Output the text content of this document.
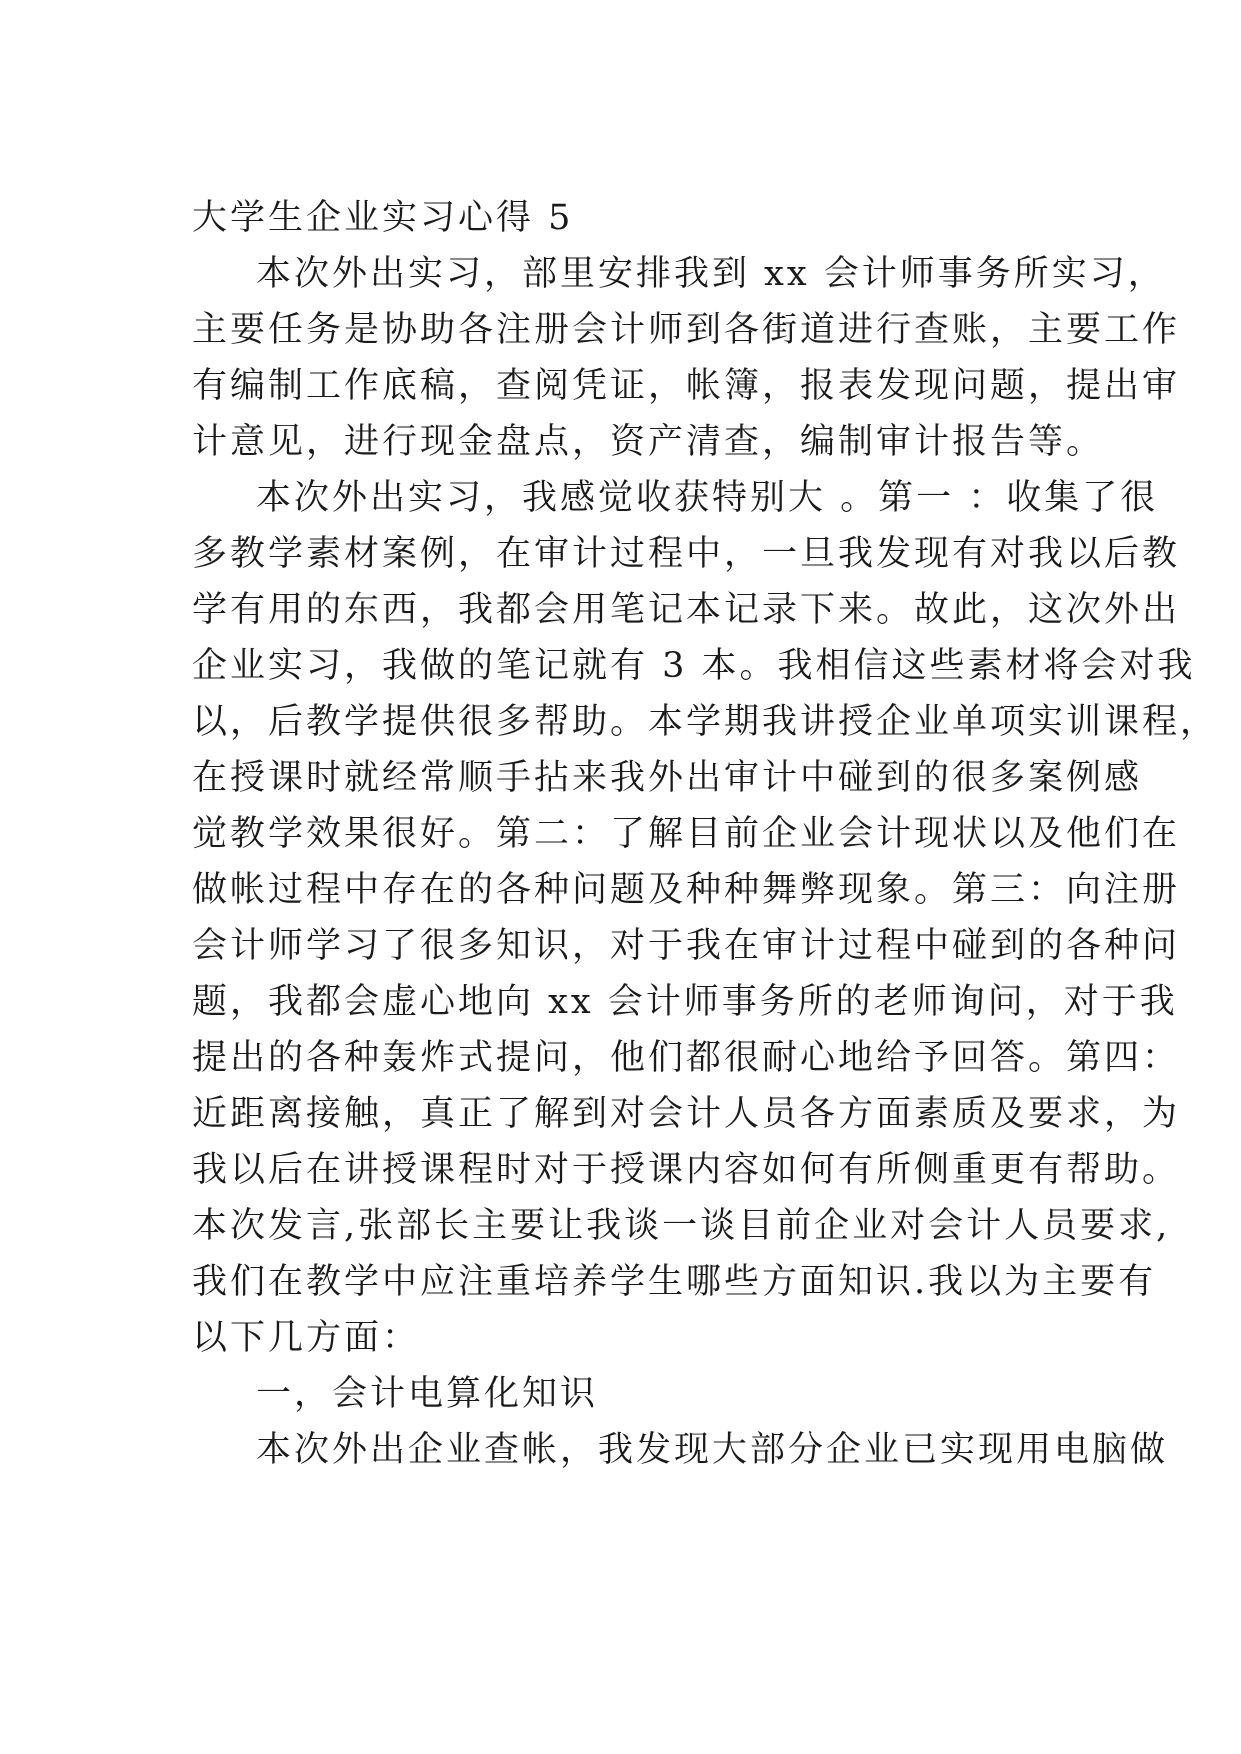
大学生企业实习心得 5

本次外出实习，部里安排我到 xx 会计师事务所实习，

主要任务是协助各注册会计师到各街道进行查账，主要工作

有编制工作底稿，查阅凭证，帐簿，报表发现问题，提出审

计意见，进行现金盘点，资产清查，编制审计报告等。

本次外出实习，我感觉收获特别大 。第一 ：收集了很

多教学素材案例，在审计过程中，一旦我发现有对我以后教

学有用的东西，我都会用笔记本记录下来。故此，这次外出

企业实习，我做的笔记就有 3 本。我相信这些素材将会对我

以，后教学提供很多帮助。本学期我讲授企业单项实训课程，

在授课时就经常顺手拈来我外出审计中碰到的很多案例感

觉教学效果很好。第二：了解目前企业会计现状以及他们在

做帐过程中存在的各种问题及种种舞弊现象。第三：向注册

会计师学习了很多知识，对于我在审计过程中碰到的各种问

题，我都会虚心地向 xx 会计师事务所的老师询问，对于我

提出的各种轰炸式提问，他们都很耐心地给予回答。第四：

近距离接触，真正了解到对会计人员各方面素质及要求，为

我以后在讲授课程时对于授课内容如何有所侧重更有帮助。

本次发言,张部长主要让我谈一谈目前企业对会计人员要求,

我们在教学中应注重培养学生哪些方面知识.我以为主要有

以下几方面：

一，会计电算化知识

本次外出企业查帐，我发现大部分企业已实现用电脑做
